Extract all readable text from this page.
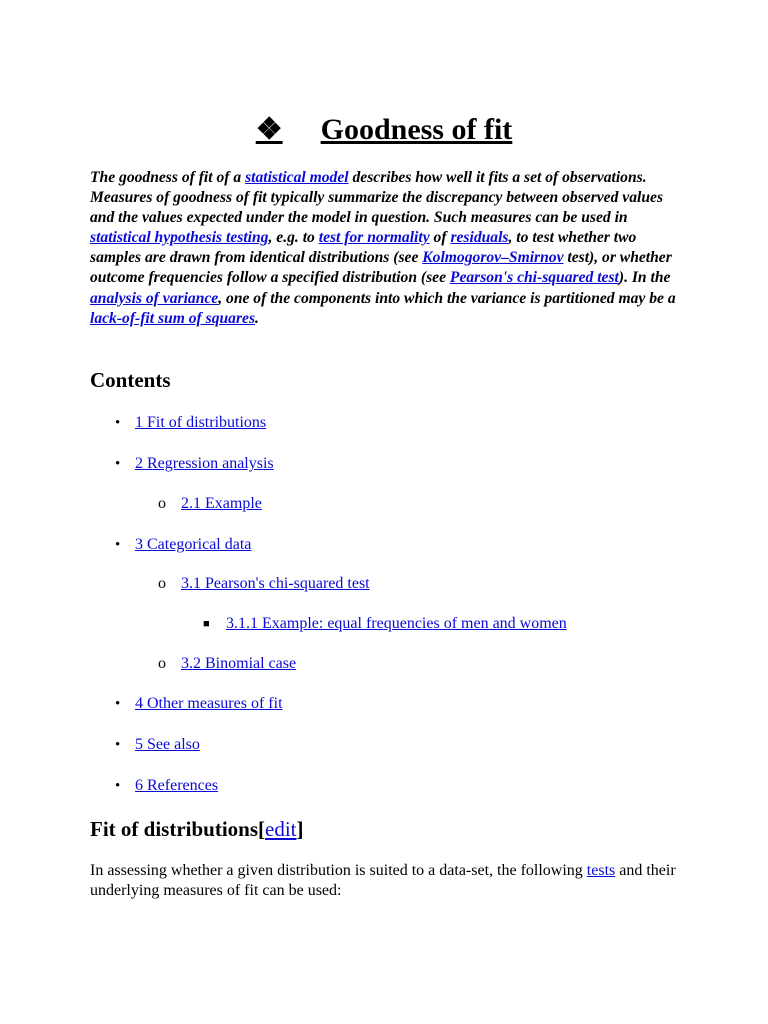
❖ Goodness of fit

The goodness of fit of a statistical model describes how well it fits a set of observations. Measures of goodness of fit typically summarize the discrepancy between observed values and the values expected under the model in question. Such measures can be used in statistical hypothesis testing, e.g. to test for normality of residuals, to test whether two samples are drawn from identical distributions (see Kolmogorov–Smirnov test), or whether outcome frequencies follow a specified distribution (see Pearson's chi-squared test). In the analysis of variance, one of the components into which the variance is partitioned may be a lack-of-fit sum of squares.

Contents
• 1 Fit of distributions
• 2 Regression analysis
o 2.1 Example
• 3 Categorical data
o 3.1 Pearson's chi-squared test
■ 3.1.1 Example: equal frequencies of men and women
o 3.2 Binomial case
• 4 Other measures of fit
• 5 See also
• 6 References
Fit of distributions[edit]

In assessing whether a given distribution is suited to a data-set, the following tests and their underlying measures of fit can be used:
